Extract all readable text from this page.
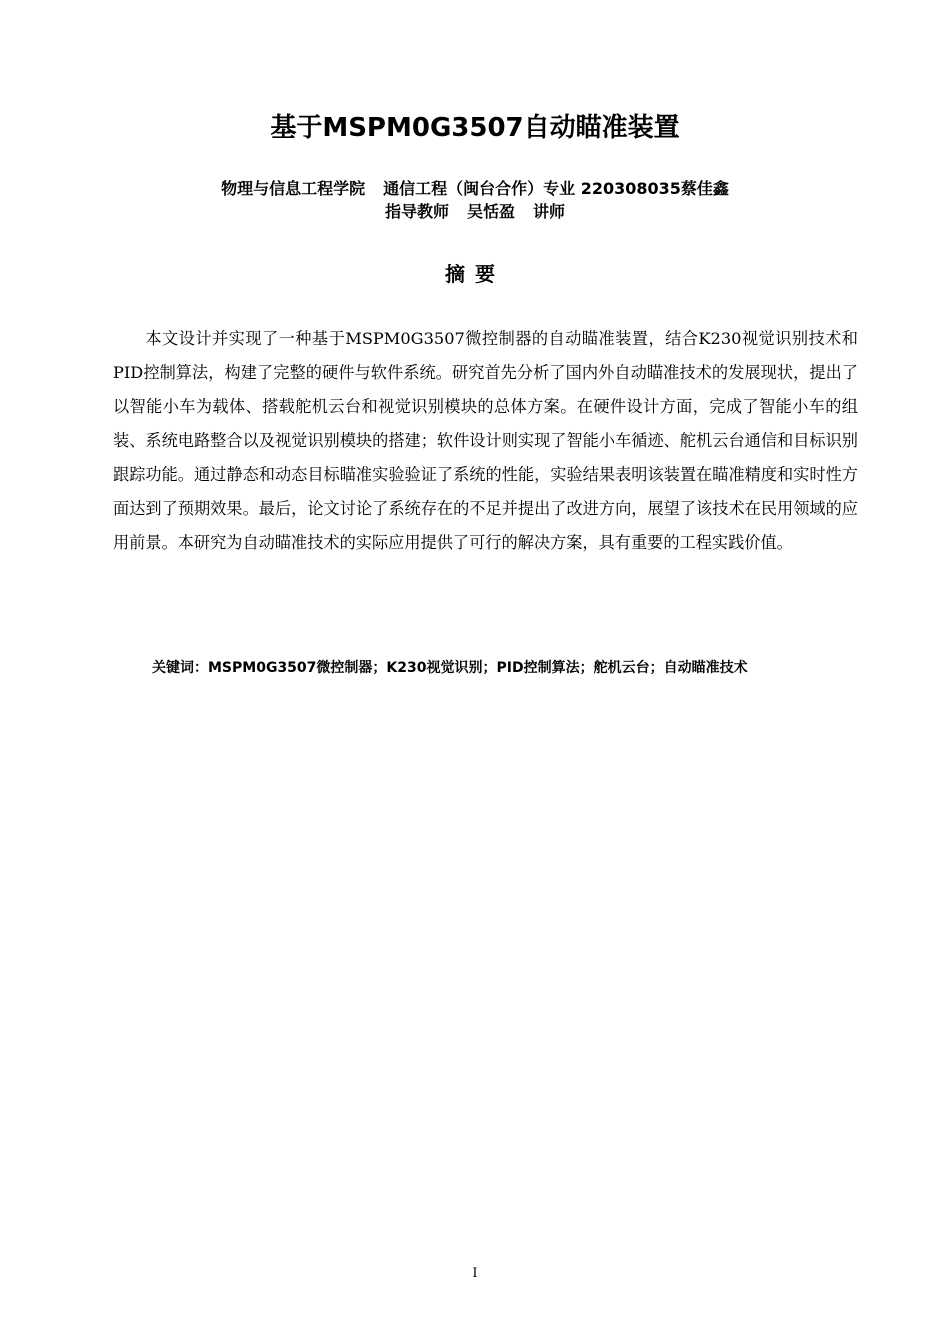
基于MSPM0G3507自动瞄准装置

物理与信息工程学院 通信工程（闽台合作）专业 220308035蔡佳鑫

指导教师 吴恬盈 讲师

摘要

本文设计并实现了一种基于MSPM0G3507微控制器的自动瞄准装置，结合K230视觉识别技术和PID控制算法，构建了完整的硬件与软件系统。研究首先分析了国内外自动瞄准技术的发展现状，提出了以智能小车为载体、搭载舵机云台和视觉识别模块的总体方案。在硬件设计方面，完成了智能小车的组装、系统电路整合以及视觉识别模块的搭建；软件设计则实现了智能小车循迹、舵机云台通信和目标识别跟踪功能。通过静态和动态目标瞄准实验验证了系统的性能，实验结果表明该装置在瞄准精度和实时性方面达到了预期效果。最后，论文讨论了系统存在的不足并提出了改进方向，展望了该技术在民用领域的应用前景。本研究为自动瞄准技术的实际应用提供了可行的解决方案，具有重要的工程实践价值。

关键词：MSPM0G3507微控制器；K230视觉识别；PID控制算法；舵机云台；自动瞄准技术

I
